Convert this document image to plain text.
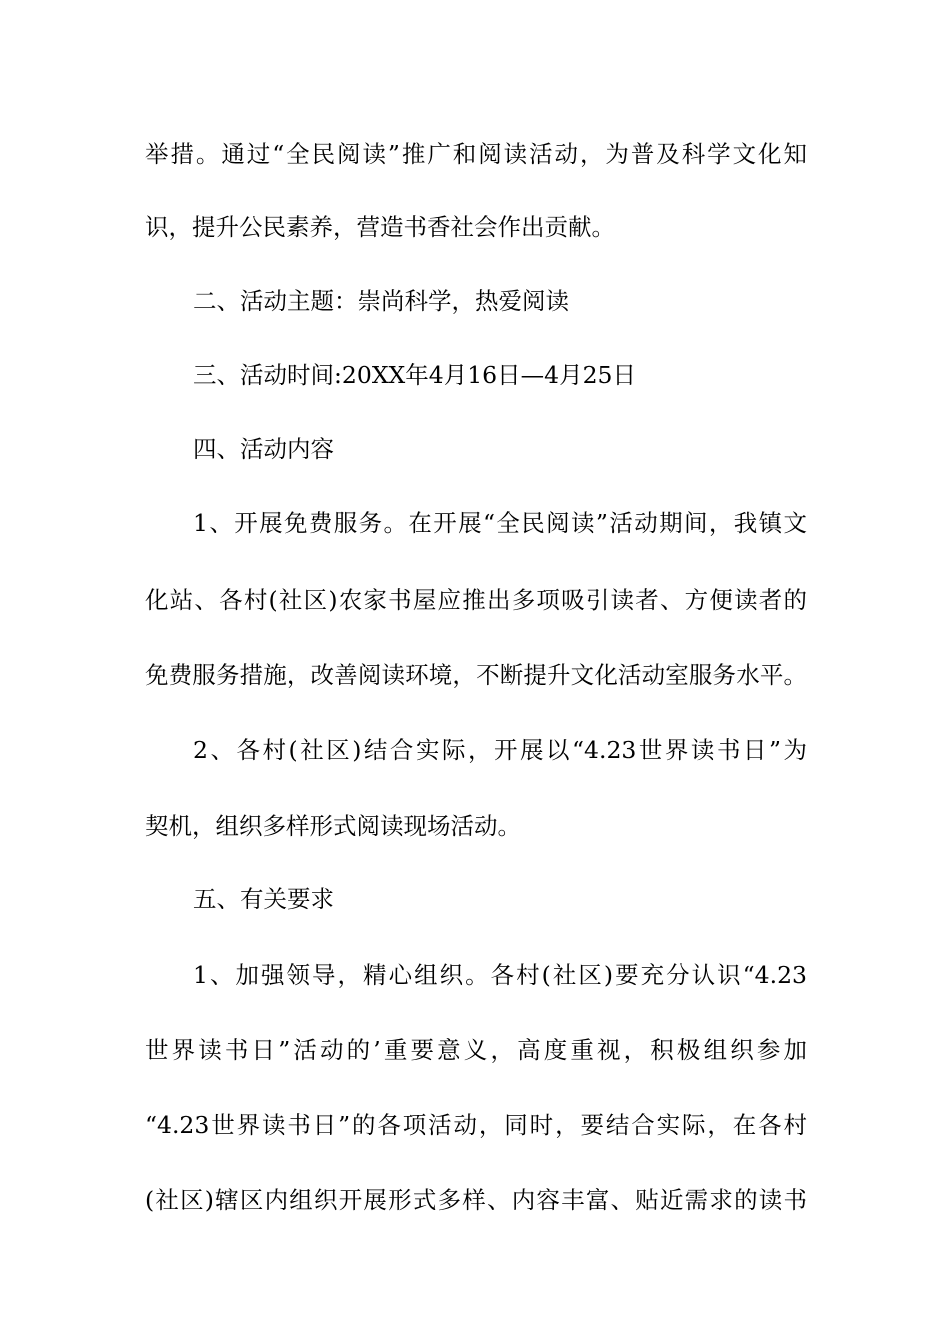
举措。通过“全民阅读”推广和阅读活动，为普及科学文化知
识，提升公民素养，营造书香社会作出贡献。
二、活动主题：崇尚科学，热爱阅读
三、活动时间:20XX年4月16日—4月25日
四、活动内容
1、开展免费服务。在开展“全民阅读”活动期间，我镇文
化站、各村(社区)农家书屋应推出多项吸引读者、方便读者的
免费服务措施，改善阅读环境，不断提升文化活动室服务水平。
2、各村(社区)结合实际，开展以“4.23世界读书日”为
契机，组织多样形式阅读现场活动。
五、有关要求
1、加强领导，精心组织。各村(社区)要充分认识“4.23
世界读书日”活动的’重要意义，高度重视，积极组织参加
“4.23世界读书日”的各项活动，同时，要结合实际，在各村
(社区)辖区内组织开展形式多样、内容丰富、贴近需求的读书
